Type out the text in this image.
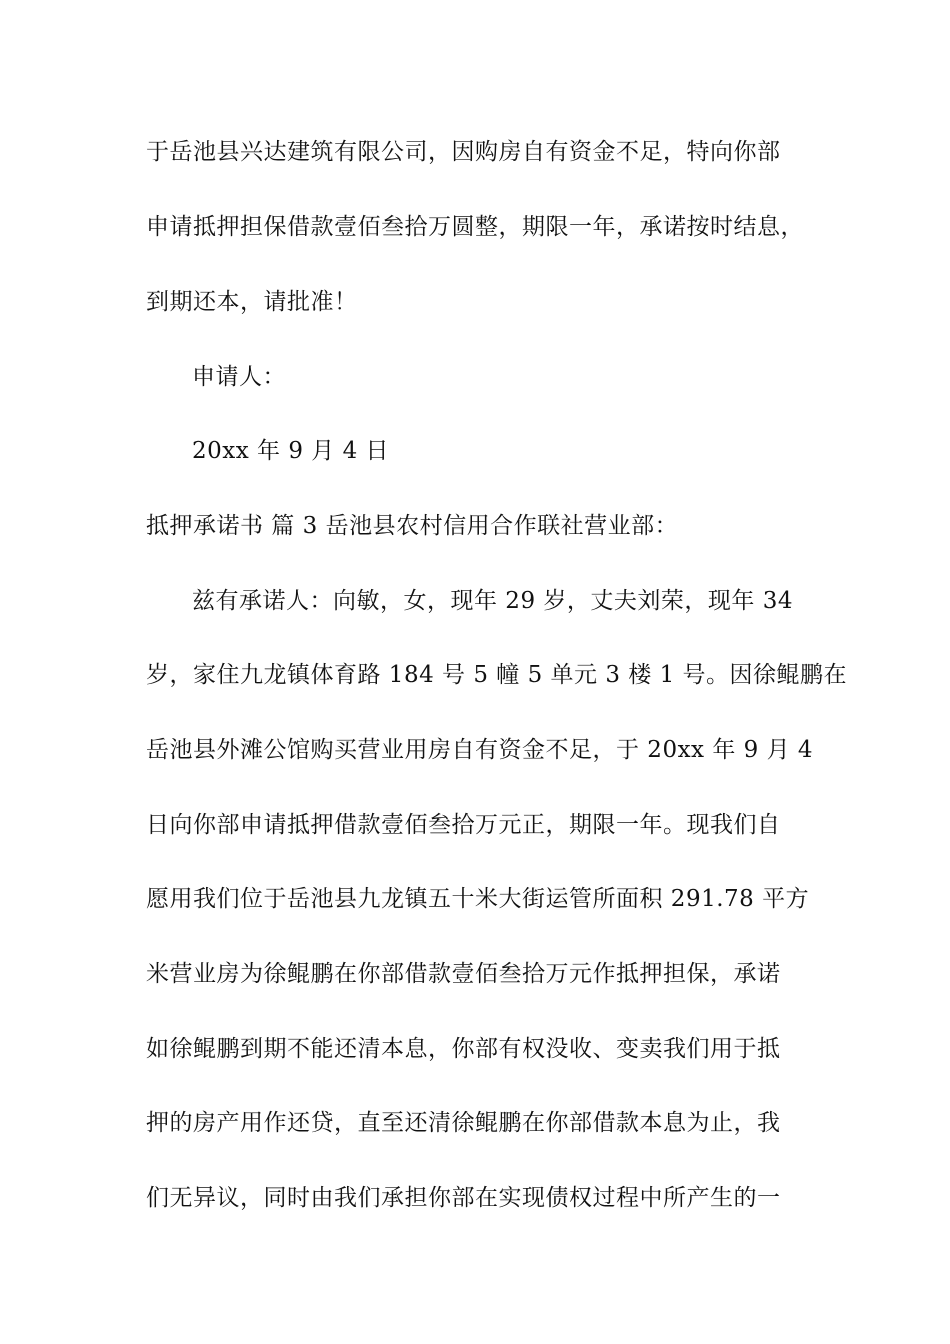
于岳池县兴达建筑有限公司，因购房自有资金不足，特向你部
申请抵押担保借款壹佰叁拾万圆整，期限一年，承诺按时结息，
到期还本，请批准！
申请人：
20xx 年 9 月 4 日
抵押承诺书 篇 3 岳池县农村信用合作联社营业部：
兹有承诺人：向敏，女，现年 29 岁，丈夫刘荣，现年 34
岁，家住九龙镇体育路 184 号 5 幢 5 单元 3 楼 1 号。因徐鲲鹏在
岳池县外滩公馆购买营业用房自有资金不足，于 20xx 年 9 月 4
日向你部申请抵押借款壹佰叁拾万元正，期限一年。现我们自
愿用我们位于岳池县九龙镇五十米大街运管所面积 291.78 平方
米营业房为徐鲲鹏在你部借款壹佰叁拾万元作抵押担保，承诺
如徐鲲鹏到期不能还清本息，你部有权没收、变卖我们用于抵
押的房产用作还贷，直至还清徐鲲鹏在你部借款本息为止，我
们无异议，同时由我们承担你部在实现债权过程中所产生的一
